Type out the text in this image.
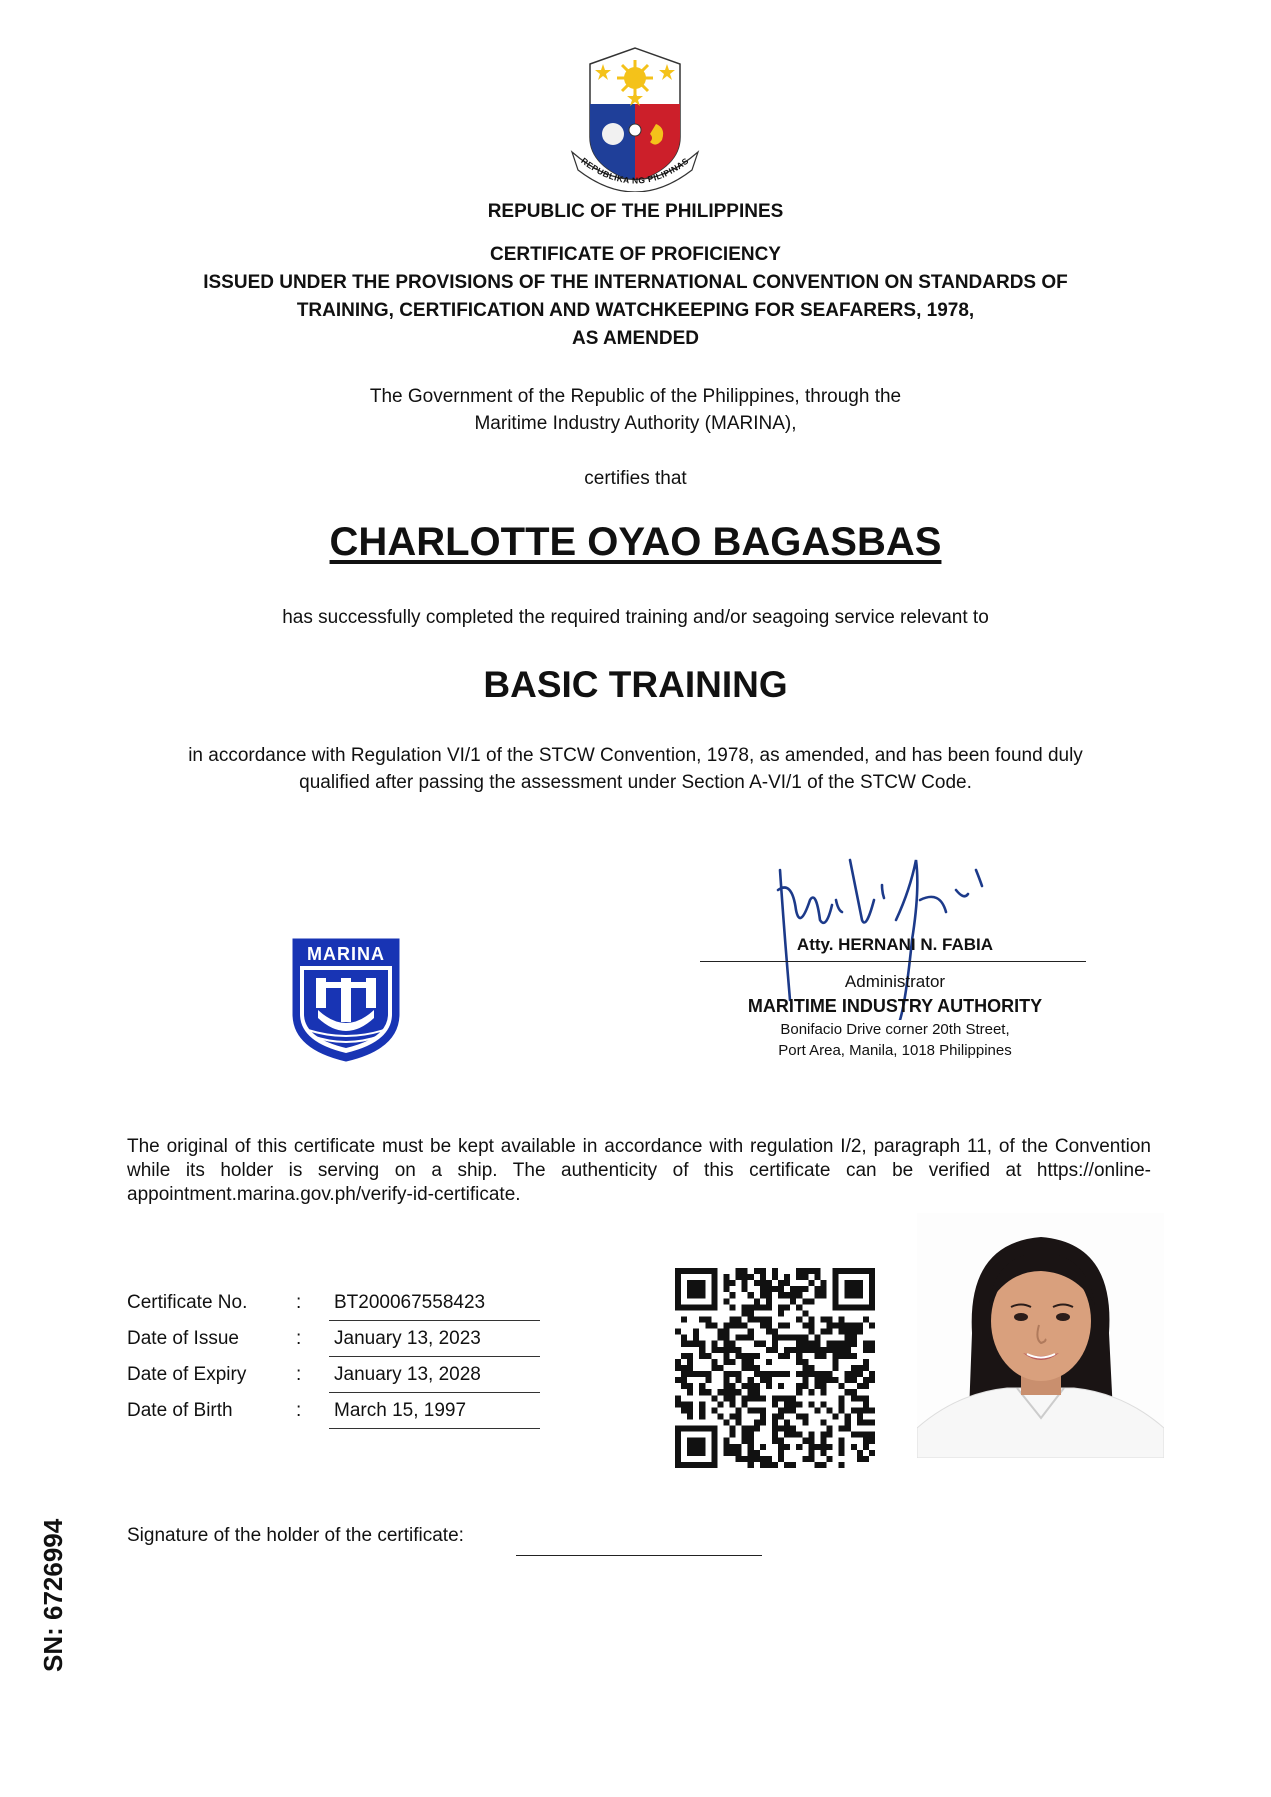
REPUBLIKA NG PILIPINAS
REPUBLIC OF THE PHILIPPINES
CERTIFICATE OF PROFICIENCY
ISSUED UNDER THE PROVISIONS OF THE INTERNATIONAL CONVENTION ON STANDARDS OF
TRAINING, CERTIFICATION AND WATCHKEEPING FOR SEAFARERS, 1978,
AS AMENDED
The Government of the Republic of the Philippines, through the
Maritime Industry Authority (MARINA),
certifies that
CHARLOTTE OYAO BAGASBAS
has successfully completed the required training and/or seagoing service relevant to
BASIC TRAINING
in accordance with Regulation VI/1 of the STCW Convention, 1978, as amended, and has been found duly
qualified after passing the assessment under Section A-VI/1 of the STCW Code.
MARINA	Atty. HERNANI N. FABIA
Administrator
MARITIME INDUSTRY AUTHORITY
Bonifacio Drive corner 20th Street,
Port Area, Manila, 1018 Philippines
The original of this certificate must be kept available in accordance with regulation I/2, paragraph 11, of the Convention while its holder is serving on a ship. The authenticity of this certificate can be verified at https://online-appointment.marina.gov.ph/verify-id-certificate.
Certificate No.	: BT200067558423
Date of Issue	: January 13, 2023
Date of Expiry	: January 13, 2028
Date of Birth	: March 15, 1997
Signature of the holder of the certificate:
SN: 6726994
